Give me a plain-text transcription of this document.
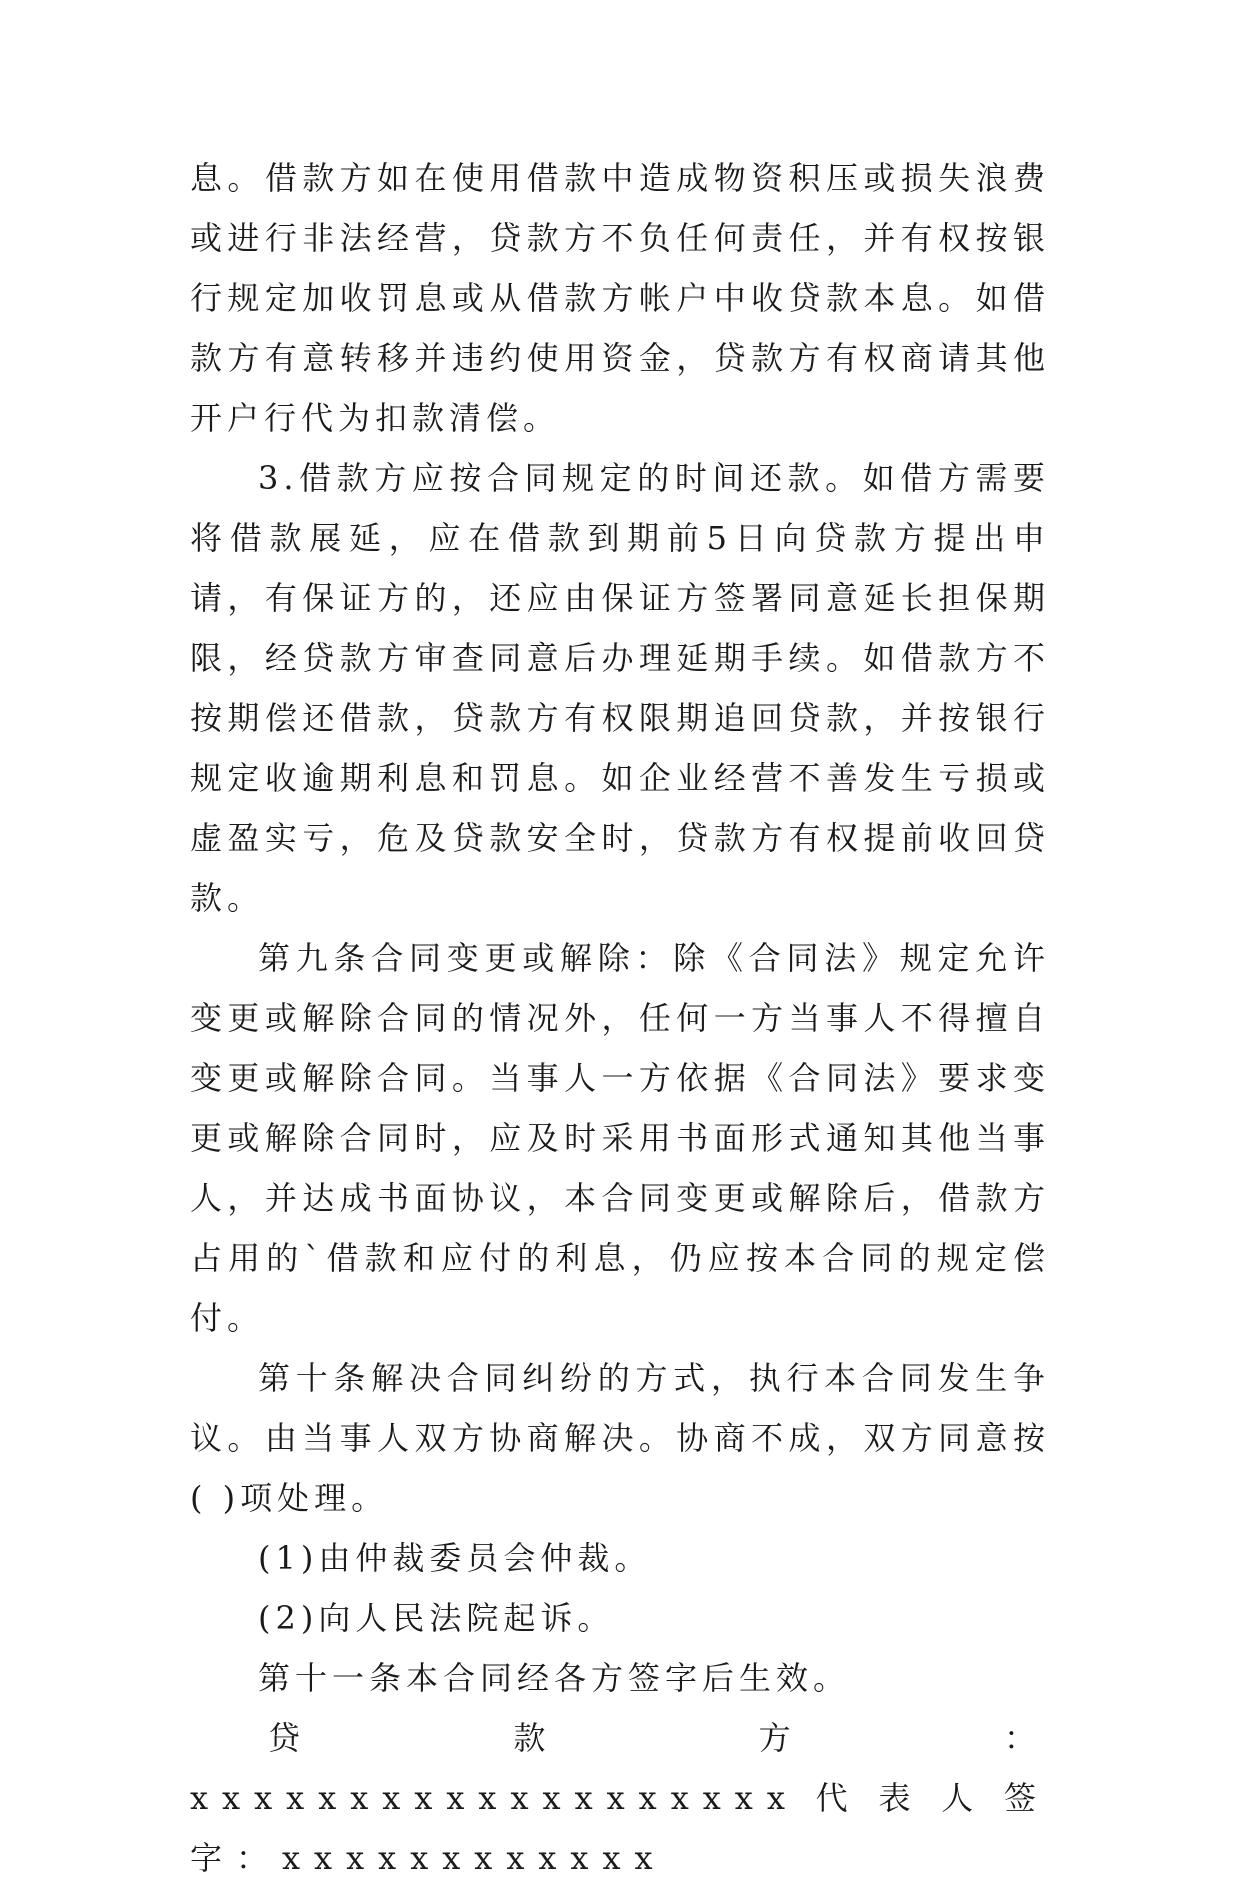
息。借款方如在使用借款中造成物资积压或损失浪费或进行非法经营，贷款方不负任何责任，并有权按银行规定加收罚息或从借款方帐户中收贷款本息。如借款方有意转移并违约使用资金，贷款方有权商请其他开户行代为扣款清偿。

3.借款方应按合同规定的时间还款。如借方需要将借款展延，应在借款到期前5日向贷款方提出申请，有保证方的，还应由保证方签署同意延长担保期限，经贷款方审查同意后办理延期手续。如借款方不按期偿还借款，贷款方有权限期追回贷款，并按银行规定收逾期利息和罚息。如企业经营不善发生亏损或虚盈实亏，危及贷款安全时，贷款方有权提前收回贷款。

第九条合同变更或解除：除《合同法》规定允许变更或解除合同的情况外，任何一方当事人不得擅自变更或解除合同。当事人一方依据《合同法》要求变更或解除合同时，应及时采用书面形式通知其他当事人，并达成书面协议，本合同变更或解除后，借款方占用的`借款和应付的利息，仍应按本合同的规定偿付。

第十条解决合同纠纷的方式，执行本合同发生争议。由当事人双方协商解决。协商不成，双方同意按( )项处理。

(1)由仲裁委员会仲裁。

(2)向人民法院起诉。

第十一条本合同经各方签字后生效。

贷款方：xxxxxxxxxxxxxxxxxxx代表人签字：xxxxxxxxxxxx
